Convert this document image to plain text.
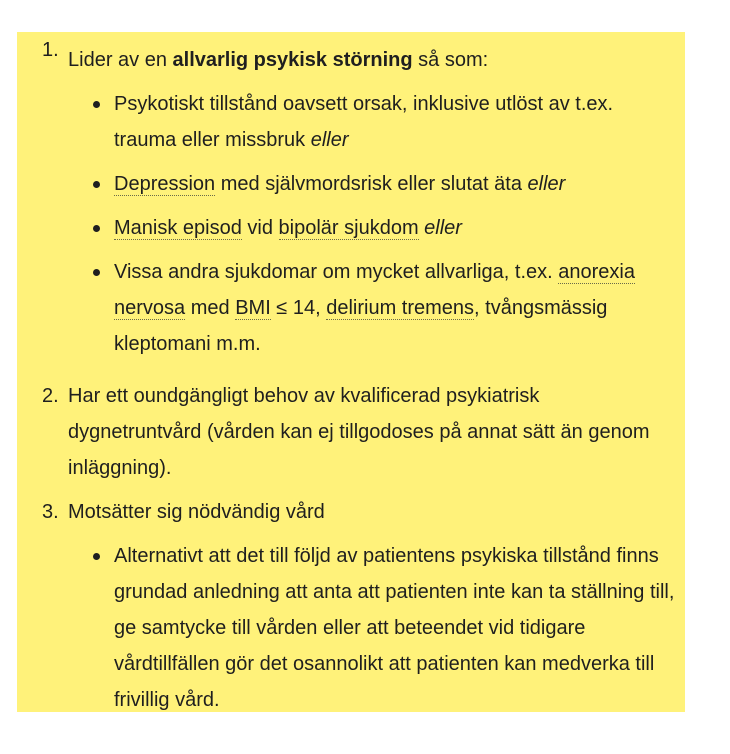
1. Lider av en allvarlig psykisk störning så som:
Psykotiskt tillstånd oavsett orsak, inklusive utlöst av t.ex. trauma eller missbruk eller
Depression med självmordsrisk eller slutat äta eller
Manisk episod vid bipolär sjukdom eller
Vissa andra sjukdomar om mycket allvarliga, t.ex. anorexia nervosa med BMI ≤ 14, delirium tremens, tvångsmässig kleptomani m.m.
2. Har ett oundgängligt behov av kvalificerad psykiatrisk dygnetruntvård (vården kan ej tillgodoses på annat sätt än genom inläggning).
3. Motsätter sig nödvändig vård
Alternativt att det till följd av patientens psykiska tillstånd finns grundad anledning att anta att patienten inte kan ta ställning till, ge samtycke till vården eller att beteendet vid tidigare vårdtillfällen gör det osannolikt att patienten kan medverka till frivillig vård.
